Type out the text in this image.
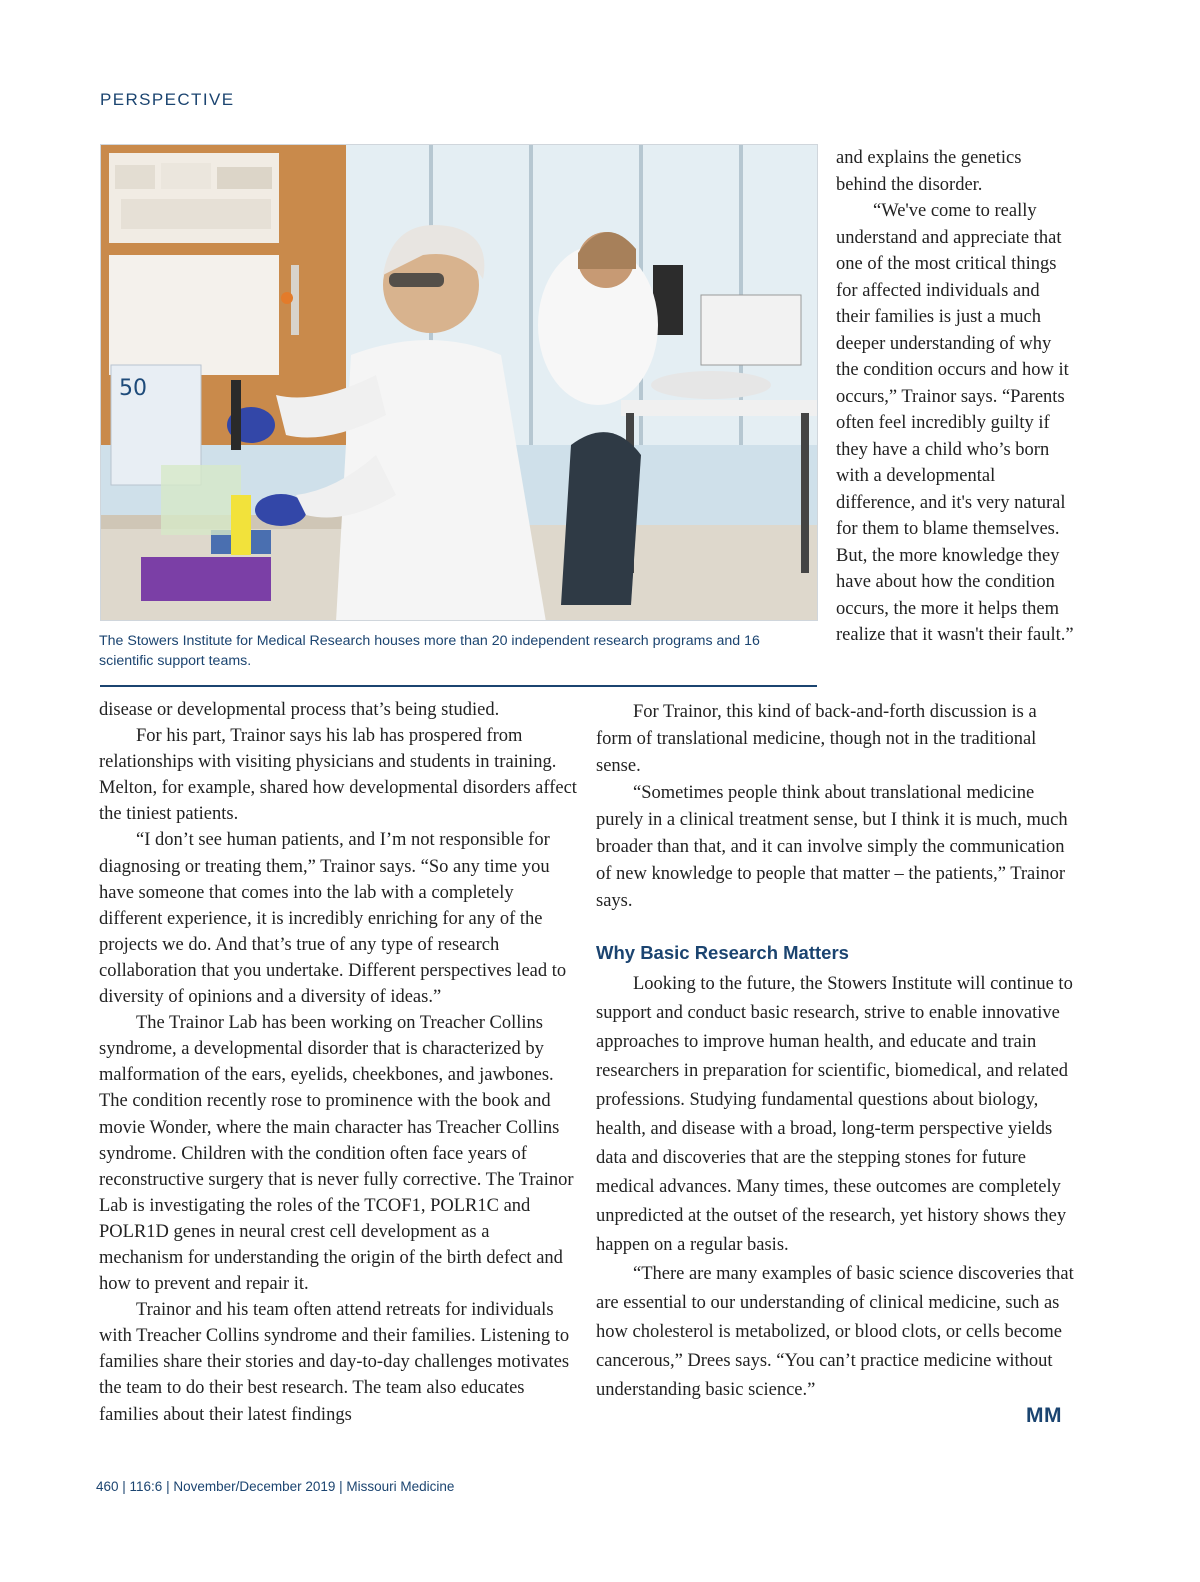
PERSPECTIVE
50
The Stowers Institute for Medical Research houses more than 20 independent research programs and 16 scientific support teams.

and explains the genetics behind the disorder.

“We've come to really understand and appreciate that one of the most critical things for affected individuals and their families is just a much deeper understanding of why the condition occurs and how it occurs,” Trainor says. “Parents often feel incredibly guilty if they have a child who’s born with a developmental difference, and it's very natural for them to blame themselves. But, the more knowledge they have about how the condition occurs, the more it helps them realize that it wasn't their fault.”

disease or developmental process that’s being studied.

For his part, Trainor says his lab has prospered from relationships with visiting physicians and students in training. Melton, for example, shared how developmental disorders affect the tiniest patients.

“I don’t see human patients, and I’m not responsible for diagnosing or treating them,” Trainor says. “So any time you have someone that comes into the lab with a completely different experience, it is incredibly enriching for any of the projects we do. And that’s true of any type of research collaboration that you undertake. Different perspectives lead to diversity of opinions and a diversity of ideas.”

The Trainor Lab has been working on Treacher Collins syndrome, a developmental disorder that is characterized by malformation of the ears, eyelids, cheekbones, and jawbones. The condition recently rose to prominence with the book and movie Wonder, where the main character has Treacher Collins syndrome. Children with the condition often face years of reconstructive surgery that is never fully corrective. The Trainor Lab is investigating the roles of the TCOF1, POLR1C and POLR1D genes in neural crest cell development as a mechanism for understanding the origin of the birth defect and how to prevent and repair it.

Trainor and his team often attend retreats for individuals with Treacher Collins syndrome and their families. Listening to families share their stories and day-to-day challenges motivates the team to do their best research. The team also educates families about their latest findings

For Trainor, this kind of back-and-forth discussion is a form of translational medicine, though not in the traditional sense.

“Sometimes people think about translational medicine purely in a clinical treatment sense, but I think it is much, much broader than that, and it can involve simply the communication of new knowledge to people that matter – the patients,” Trainor says.

Why Basic Research Matters

Looking to the future, the Stowers Institute will continue to support and conduct basic research, strive to enable innovative approaches to improve human health, and educate and train researchers in preparation for scientific, biomedical, and related professions. Studying fundamental questions about biology, health, and disease with a broad, long-term perspective yields data and discoveries that are the stepping stones for future medical advances. Many times, these outcomes are completely unpredicted at the outset of the research, yet history shows they happen on a regular basis.

“There are many examples of basic science discoveries that are essential to our understanding of clinical medicine, such as how cholesterol is metabolized, or blood clots, or cells become cancerous,” Drees says. “You can’t practice medicine without understanding basic science.”

MM
460 | 116:6 | November/December 2019 | Missouri Medicine
